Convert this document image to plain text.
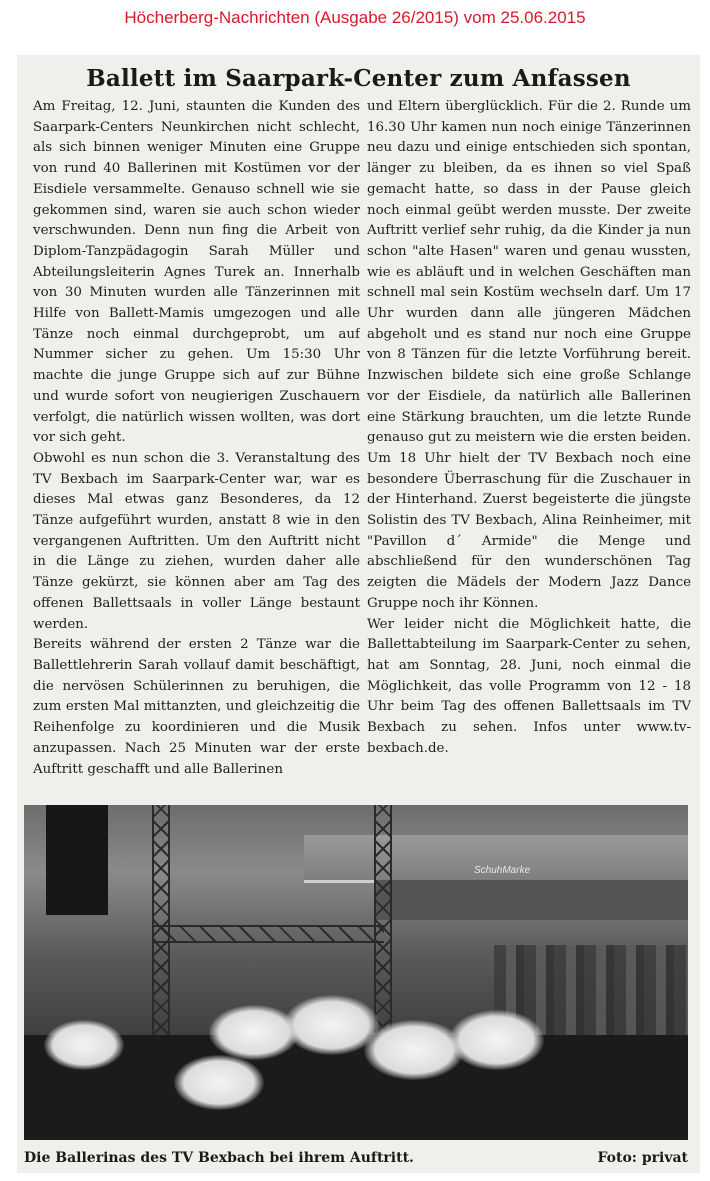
Höcherberg-Nachrichten (Ausgabe 26/2015) vom 25.06.2015
Ballett im Saarpark-Center zum Anfassen

Am Freitag, 12. Juni, staunten die Kunden des Saarpark-Centers Neunkirchen nicht schlecht, als sich binnen weniger Minuten eine Gruppe von rund 40 Ballerinen mit Kostümen vor der Eisdiele versammelte. Genauso schnell wie sie gekommen sind, waren sie auch schon wieder verschwunden. Denn nun fing die Arbeit von Diplom-Tanzpädagogin Sarah Müller und Abteilungsleiterin Agnes Turek an. Innerhalb von 30 Minuten wurden alle Tänzerinnen mit Hilfe von Ballett-Mamis umgezogen und alle Tänze noch einmal durchgeprobt, um auf Nummer sicher zu gehen. Um 15:30 Uhr machte die junge Gruppe sich auf zur Bühne und wurde sofort von neugierigen Zuschauern verfolgt, die natürlich wissen wollten, was dort vor sich geht.

Obwohl es nun schon die 3. Veranstaltung des TV Bexbach im Saarpark-Center war, war es dieses Mal etwas ganz Besonderes, da 12 Tänze aufgeführt wurden, anstatt 8 wie in den vergangenen Auftritten. Um den Auftritt nicht in die Länge zu ziehen, wurden daher alle Tänze gekürzt, sie können aber am Tag des offenen Ballettsaals in voller Länge bestaunt werden.

Bereits während der ersten 2 Tänze war die Ballettlehrerin Sarah vollauf damit beschäftigt, die nervösen Schülerinnen zu beruhigen, die zum ersten Mal mittanzten, und gleichzeitig die Reihenfolge zu koordinieren und die Musik anzupassen. Nach 25 Minuten war der erste Auftritt geschafft und alle Ballerinen

und Eltern überglücklich. Für die 2. Runde um 16.30 Uhr kamen nun noch einige Tänzerinnen neu dazu und einige entschieden sich spontan, länger zu bleiben, da es ihnen so viel Spaß gemacht hatte, so dass in der Pause gleich noch einmal geübt werden musste. Der zweite Auftritt verlief sehr ruhig, da die Kinder ja nun schon "alte Hasen" waren und genau wussten, wie es abläuft und in welchen Geschäften man schnell mal sein Kostüm wechseln darf. Um 17 Uhr wurden dann alle jüngeren Mädchen abgeholt und es stand nur noch eine Gruppe von 8 Tänzen für die letzte Vorführung bereit. Inzwischen bildete sich eine große Schlange vor der Eisdiele, da natürlich alle Ballerinen eine Stärkung brauchten, um die letzte Runde genauso gut zu meistern wie die ersten beiden. Um 18 Uhr hielt der TV Bexbach noch eine besondere Überraschung für die Zuschauer in der Hinterhand. Zuerst begeisterte die jüngste Solistin des TV Bexbach, Alina Reinheimer, mit "Pavillon d´ Armide" die Menge und abschließend für den wunderschönen Tag zeigten die Mädels der Modern Jazz Dance Gruppe noch ihr Können.

Wer leider nicht die Möglichkeit hatte, die Ballettabteilung im Saarpark-Center zu sehen, hat am Sonntag, 28. Juni, noch einmal die Möglichkeit, das volle Programm von 12 - 18 Uhr beim Tag des offenen Ballettsaals im TV Bexbach zu sehen. Infos unter www.tv-bexbach.de.

SchuhMarke
Die Ballerinas des TV Bexbach bei ihrem Auftritt.	Foto: privat
